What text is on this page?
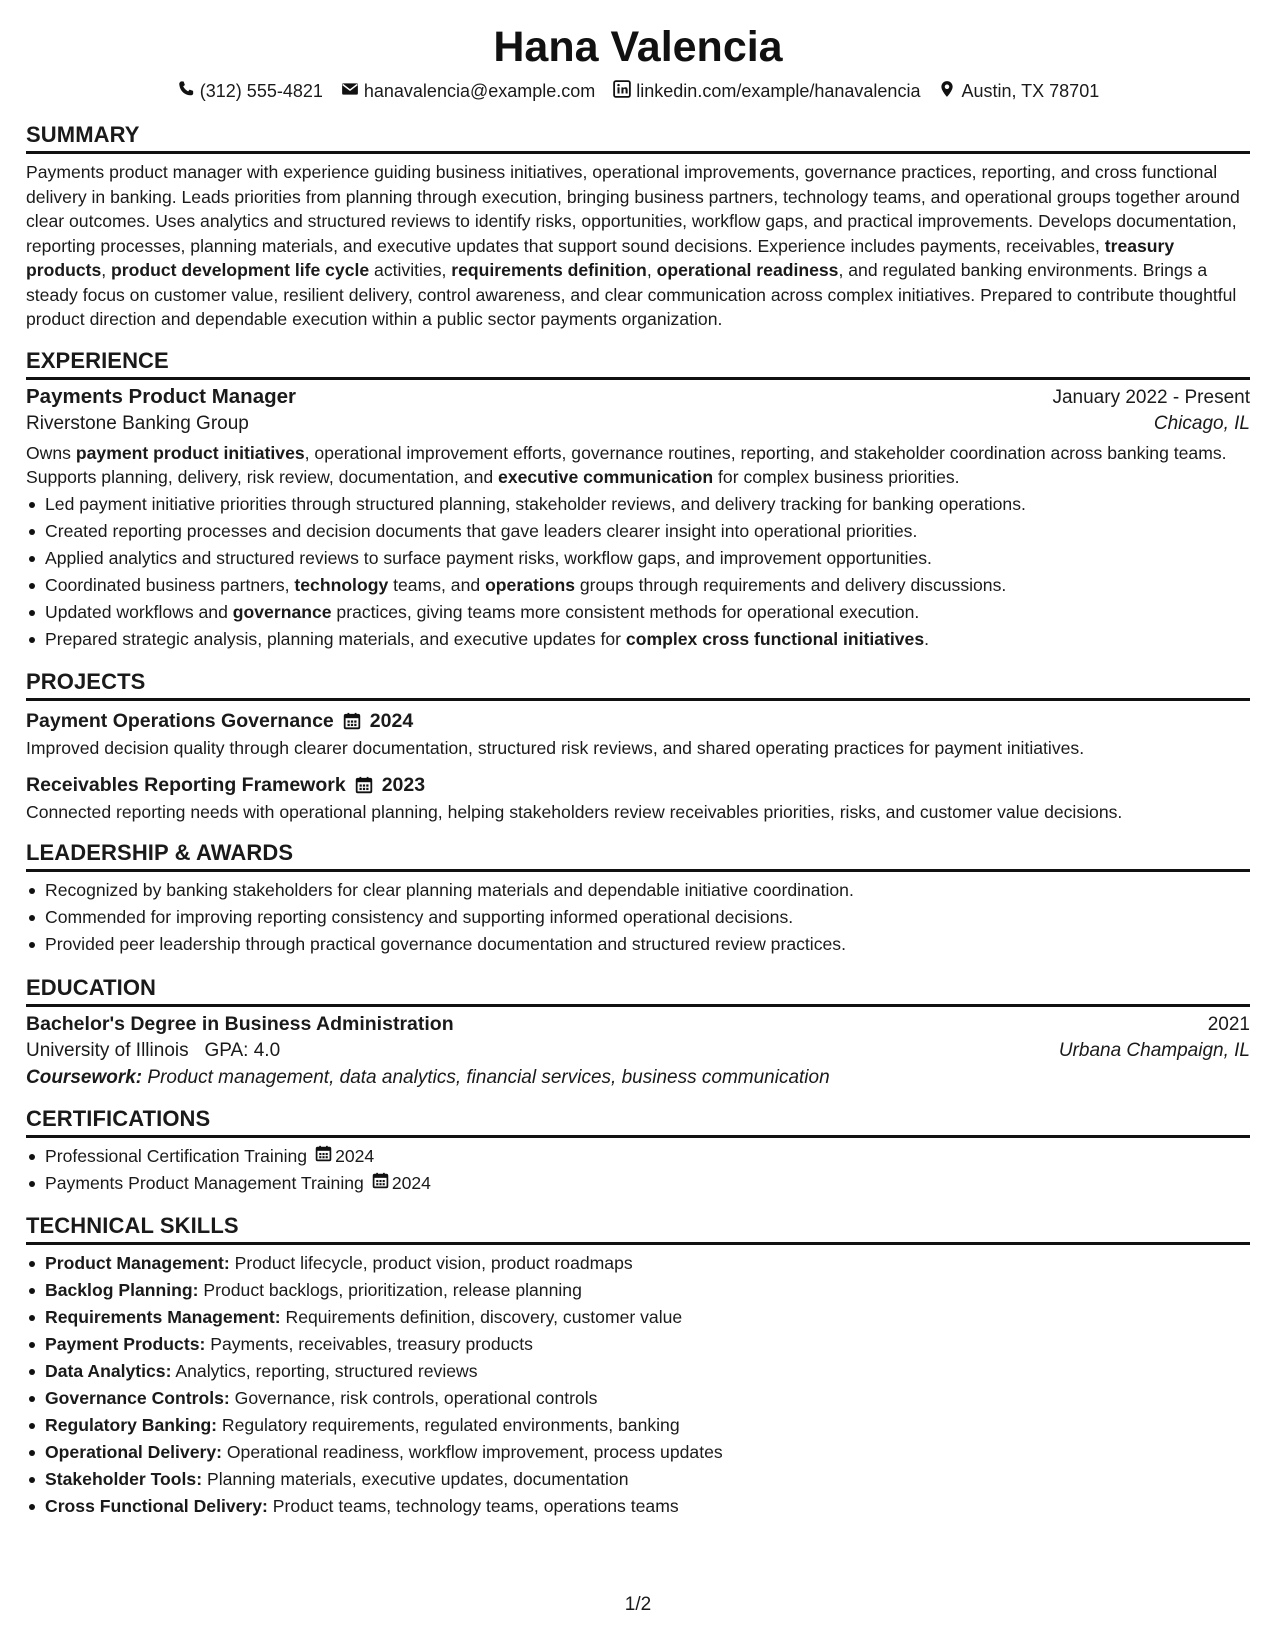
Hana Valencia
(312) 555-4821 hanavalencia@example.com linkedin.com/example/hanavalencia Austin, TX 78701
SUMMARY

Payments product manager with experience guiding business initiatives, operational improvements, governance practices, reporting, and cross functional delivery in banking. Leads priorities from planning through execution, bringing business partners, technology teams, and operational groups together around clear outcomes. Uses analytics and structured reviews to identify risks, opportunities, workflow gaps, and practical improvements. Develops documentation, reporting processes, planning materials, and executive updates that support sound decisions. Experience includes payments, receivables, treasury products, product development life cycle activities, requirements definition, operational readiness, and regulated banking environments. Brings a steady focus on customer value, resilient delivery, control awareness, and clear communication across complex initiatives. Prepared to contribute thoughtful product direction and dependable execution within a public sector payments organization.

EXPERIENCE
Payments Product Manager	January 2022 - Present
Riverstone Banking Group	Chicago, IL

Owns payment product initiatives, operational improvement efforts, governance routines, reporting, and stakeholder coordination across banking teams. Supports planning, delivery, risk review, documentation, and executive communication for complex business priorities.

Led payment initiative priorities through structured planning, stakeholder reviews, and delivery tracking for banking operations.
Created reporting processes and decision documents that gave leaders clearer insight into operational priorities.
Applied analytics and structured reviews to surface payment risks, workflow gaps, and improvement opportunities.
Coordinated business partners, technology teams, and operations groups through requirements and delivery discussions.
Updated workflows and governance practices, giving teams more consistent methods for operational execution.
Prepared strategic analysis, planning materials, and executive updates for complex cross functional initiatives.
PROJECTS
Payment Operations Governance 2024
Improved decision quality through clearer documentation, structured risk reviews, and shared operating practices for payment initiatives.
Receivables Reporting Framework 2023
Connected reporting needs with operational planning, helping stakeholders review receivables priorities, risks, and customer value decisions.
LEADERSHIP & AWARDS
Recognized by banking stakeholders for clear planning materials and dependable initiative coordination.
Commended for improving reporting consistency and supporting informed operational decisions.
Provided peer leadership through practical governance documentation and structured review practices.
EDUCATION
Bachelor's Degree in Business Administration	2021
University of Illinois GPA: 4.0	Urbana Champaign, IL
Coursework: Product management, data analytics, financial services, business communication
CERTIFICATIONS
Professional Certification Training 2024
Payments Product Management Training 2024
TECHNICAL SKILLS
Product Management: Product lifecycle, product vision, product roadmaps
Backlog Planning: Product backlogs, prioritization, release planning
Requirements Management: Requirements definition, discovery, customer value
Payment Products: Payments, receivables, treasury products
Data Analytics: Analytics, reporting, structured reviews
Governance Controls: Governance, risk controls, operational controls
Regulatory Banking: Regulatory requirements, regulated environments, banking
Operational Delivery: Operational readiness, workflow improvement, process updates
Stakeholder Tools: Planning materials, executive updates, documentation
Cross Functional Delivery: Product teams, technology teams, operations teams
1/2
